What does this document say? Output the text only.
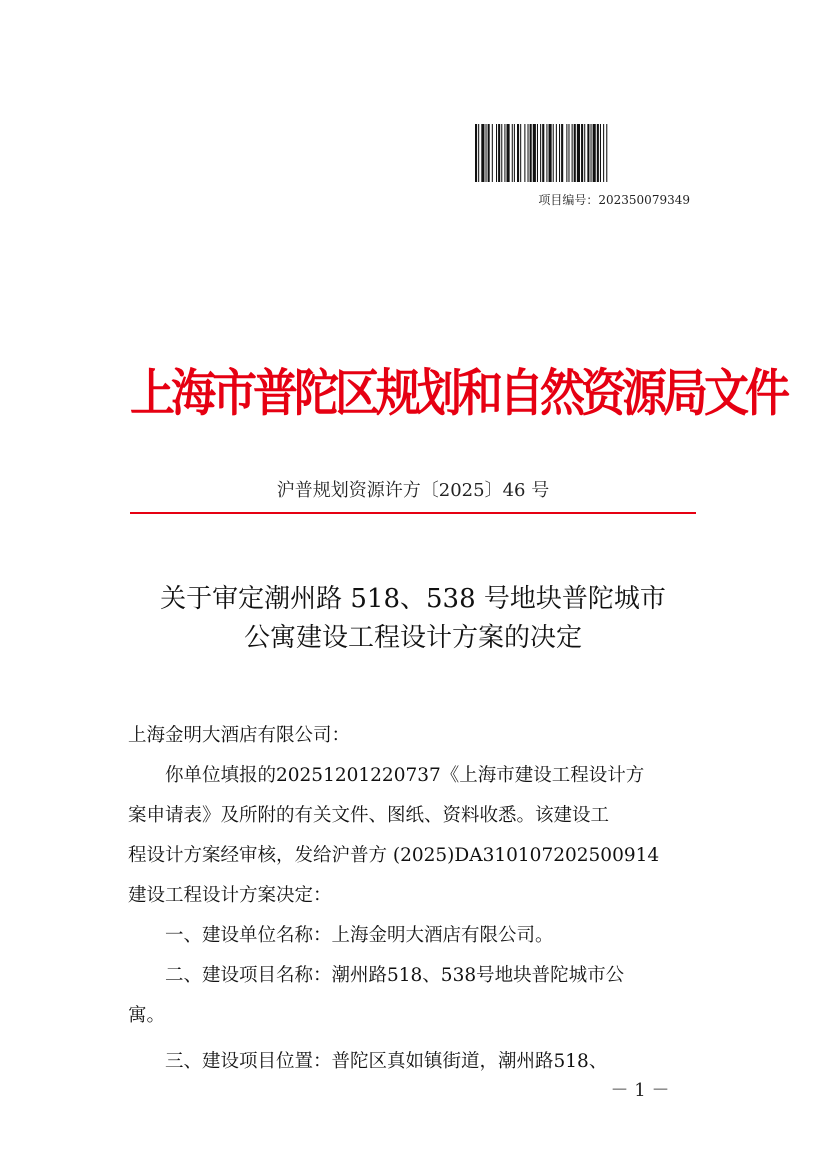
项目编号：202350079349
上海市普陀区规划和自然资源局文件
沪普规划资源许方〔2025〕46 号
关于审定潮州路 518、538 号地块普陀城市
公寓建设工程设计方案的决定
上海金明大酒店有限公司：
你单位填报的20251201220737《上海市建设工程设计方
案申请表》及所附的有关文件、图纸、资料收悉。该建设工
程设计方案经审核，发给沪普方 (2025)DA310107202500914
建设工程设计方案决定：
一、建设单位名称：上海金明大酒店有限公司。
二、建设项目名称：潮州路518、538号地块普陀城市公
寓。
三、建设项目位置：普陀区真如镇街道，潮州路518、
－ 1 －
